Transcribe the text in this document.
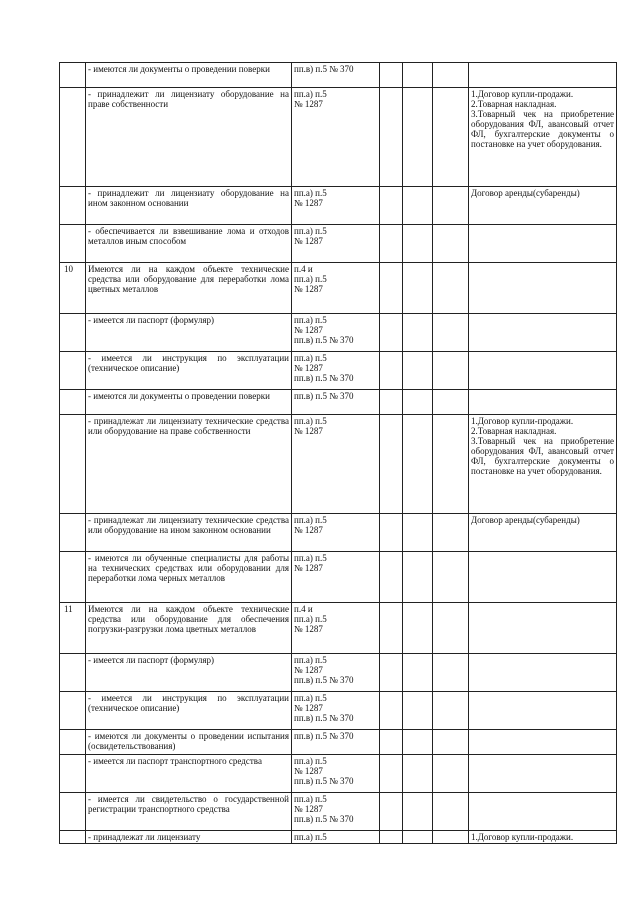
	- имеются ли документы о проведении поверки	пп.в) п.5 № 370				
	- принадлежит ли лицензиату оборудование на праве собственности	пп.а) п.5
№ 1287				1.Договор купли-продажи.
2.Товарная накладная.
3.Товарный чек на приобретение оборудования ФЛ, авансовый отчет ФЛ, бухгалтерские документы о постановке на учет оборудования.
	- принадлежит ли лицензиату оборудование на ином законном основании	пп.а) п.5
№ 1287				Договор аренды(субаренды)
	- обеспечивается ли взвешивание лома и отходов металлов иным способом	пп.а) п.5
№ 1287				
10	Имеются ли на каждом объекте технические средства или оборудование для переработки лома цветных металлов	п.4 и
пп.а) п.5
№ 1287				
	- имеется ли паспорт (формуляр)	пп.а) п.5
№ 1287
пп.в) п.5 № 370				
	- имеется ли инструкция по эксплуатации (техническое описание)	пп.а) п.5
№ 1287
пп.в) п.5 № 370				
	- имеются ли документы о проведении поверки	пп.в) п.5 № 370				
	- принадлежат ли лицензиату технические средства или оборудование на праве собственности	пп.а) п.5
№ 1287				1.Договор купли-продажи.
2.Товарная накладная.
3.Товарный чек на приобретение оборудования ФЛ, авансовый отчет ФЛ, бухгалтерские документы о постановке на учет оборудования.
	- принадлежат ли лицензиату технические средства или оборудование на ином законном основании	пп.а) п.5
№ 1287				Договор аренды(субаренды)
	- имеются ли обученные специалисты для работы на технических средствах или оборудовании для переработки лома черных металлов	пп.а) п.5
№ 1287				
11	Имеются ли на каждом объекте технические средства или оборудование для обеспечения погрузки-разгрузки лома цветных металлов	п.4 и
пп.а) п.5
№ 1287				
	- имеется ли паспорт (формуляр)	пп.а) п.5
№ 1287
пп.в) п.5 № 370				
	- имеется ли инструкция по эксплуатации (техническое описание)	пп.а) п.5
№ 1287
пп.в) п.5 № 370				
	- имеются ли документы о проведении испытания (освидетельствования)	пп.в) п.5 № 370				
	- имеется ли паспорт транспортного средства	пп.а) п.5
№ 1287
пп.в) п.5 № 370				
	- имеется ли свидетельство о государственной регистрации транспортного средства	пп.а) п.5
№ 1287
пп.в) п.5 № 370				
	- принадлежат ли лицензиату	пп.а) п.5				1.Договор купли-продажи.
